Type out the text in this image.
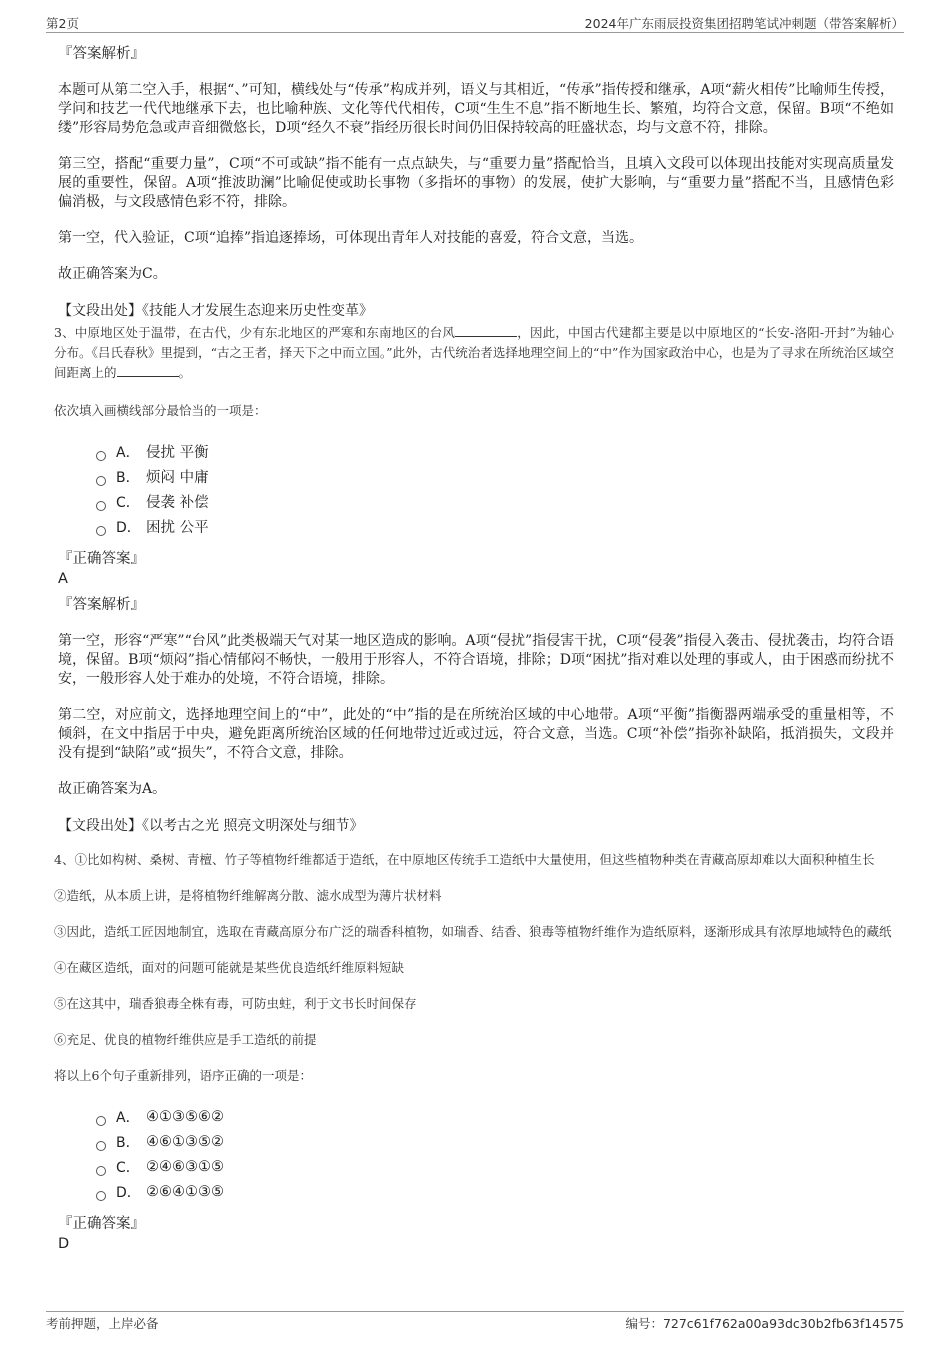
第2页	2024年广东雨辰投资集团招聘笔试冲刺题（带答案解析）
『答案解析』

本题可从第二空入手，根据“、”可知，横线处与“传承”构成并列，语义与其相近，“传承”指传授和继承，A项“薪火相传”比喻师生传授，学问和技艺一代代地继承下去，也比喻种族、文化等代代相传，C项“生生不息”指不断地生长、繁殖，均符合文意，保留。B项“不绝如缕”形容局势危急或声音细微悠长，D项“经久不衰”指经历很长时间仍旧保持较高的旺盛状态，均与文意不符，排除。

第三空，搭配“重要力量”，C项“不可或缺”指不能有一点点缺失，与“重要力量”搭配恰当，且填入文段可以体现出技能对实现高质量发展的重要性，保留。A项“推波助澜”比喻促使或助长事物（多指坏的事物）的发展，使扩大影响，与“重要力量”搭配不当，且感情色彩偏消极，与文段感情色彩不符，排除。

第一空，代入验证，C项“追捧”指追逐捧场，可体现出青年人对技能的喜爱，符合文意，当选。

故正确答案为C。

【文段出处】《技能人才发展生态迎来历史性变革》

3、中原地区处于温带，在古代，少有东北地区的严寒和东南地区的台风	，因此，中国古代建都主要是以中原地区的“长安-洛阳-开封”为轴心分布。《吕氏春秋》里提到，“古之王者，择天下之中而立国。”此外，古代统治者选择地理空间上的“中”作为国家政治中心，也是为了寻求在所统治区域空间距离上的	。

依次填入画横线部分最恰当的一项是：
A． 侵扰 平衡
B． 烦闷 中庸
C． 侵袭 补偿
D． 困扰 公平
『正确答案』
A
『答案解析』

第一空，形容“严寒”“台风”此类极端天气对某一地区造成的影响。A项“侵扰”指侵害干扰，C项“侵袭”指侵入袭击、侵扰袭击，均符合语境，保留。B项“烦闷”指心情郁闷不畅快，一般用于形容人，不符合语境，排除；D项“困扰”指对难以处理的事或人，由于困惑而纷扰不安，一般形容人处于难办的处境，不符合语境，排除。

第二空，对应前文，选择地理空间上的“中”，此处的“中”指的是在所统治区域的中心地带。A项“平衡”指衡器两端承受的重量相等，不倾斜，在文中指居于中央，避免距离所统治区域的任何地带过近或过远，符合文意，当选。C项“补偿”指弥补缺陷，抵消损失，文段并没有提到“缺陷”或“损失”，不符合文意，排除。

故正确答案为A。

【文段出处】《以考古之光 照亮文明深处与细节》

4、①比如构树、桑树、青檀、竹子等植物纤维都适于造纸，在中原地区传统手工造纸中大量使用，但这些植物种类在青藏高原却难以大面积种植生长

②造纸，从本质上讲，是将植物纤维解离分散、滤水成型为薄片状材料

③因此，造纸工匠因地制宜，选取在青藏高原分布广泛的瑞香科植物，如瑞香、结香、狼毒等植物纤维作为造纸原料，逐渐形成具有浓厚地域特色的藏纸

④在藏区造纸，面对的问题可能就是某些优良造纸纤维原料短缺

⑤在这其中，瑞香狼毒全株有毒，可防虫蛀，利于文书长时间保存

⑥充足、优良的植物纤维供应是手工造纸的前提

将以上6个句子重新排列，语序正确的一项是：
A． ④①③⑤⑥②
B． ④⑥①③⑤②
C． ②④⑥③①⑤
D． ②⑥④①③⑤
『正确答案』
D
考前押题，上岸必备	编号：727c61f762a00a93dc30b2fb63f14575
